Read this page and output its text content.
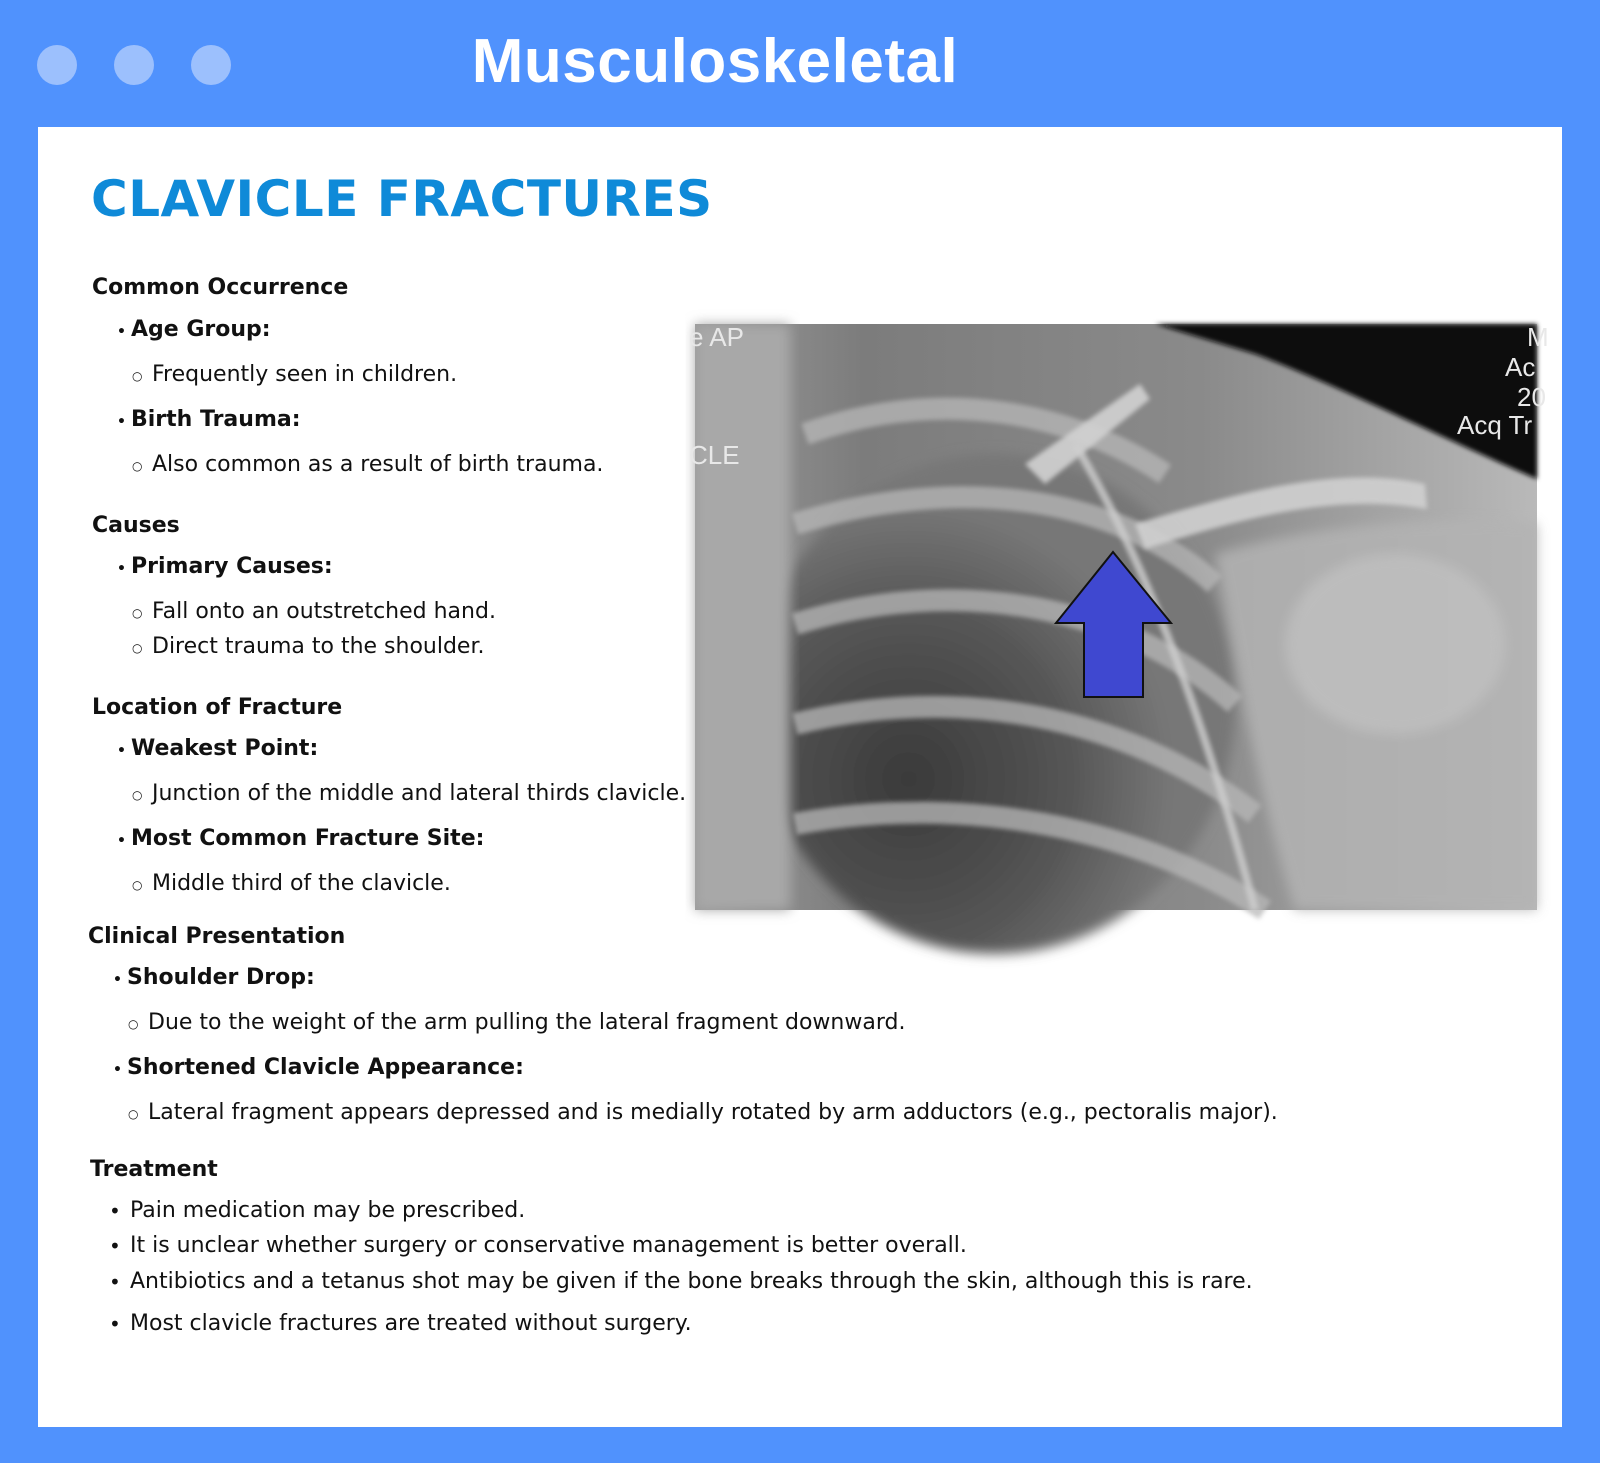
Musculoskeletal
CLAVICLE FRACTURES
Common Occurrence
• Age Group:
○ Frequently seen in children.
• Birth Trauma:
○ Also common as a result of birth trauma.
Causes
• Primary Causes:
○ Fall onto an outstretched hand.
○ Direct trauma to the shoulder.
Location of Fracture
• Weakest Point:
○ Junction of the middle and lateral thirds clavicle.
• Most Common Fracture Site:
○ Middle third of the clavicle.
e AP
CLE
M
Ac
20
Acq Tr
Clinical Presentation
• Shoulder Drop:
○ Due to the weight of the arm pulling the lateral fragment downward.
• Shortened Clavicle Appearance:
○ Lateral fragment appears depressed and is medially rotated by arm adductors (e.g., pectoralis major).
Treatment
• Pain medication may be prescribed.
• It is unclear whether surgery or conservative management is better overall.
• Antibiotics and a tetanus shot may be given if the bone breaks through the skin, although this is rare.
• Most clavicle fractures are treated without surgery.
